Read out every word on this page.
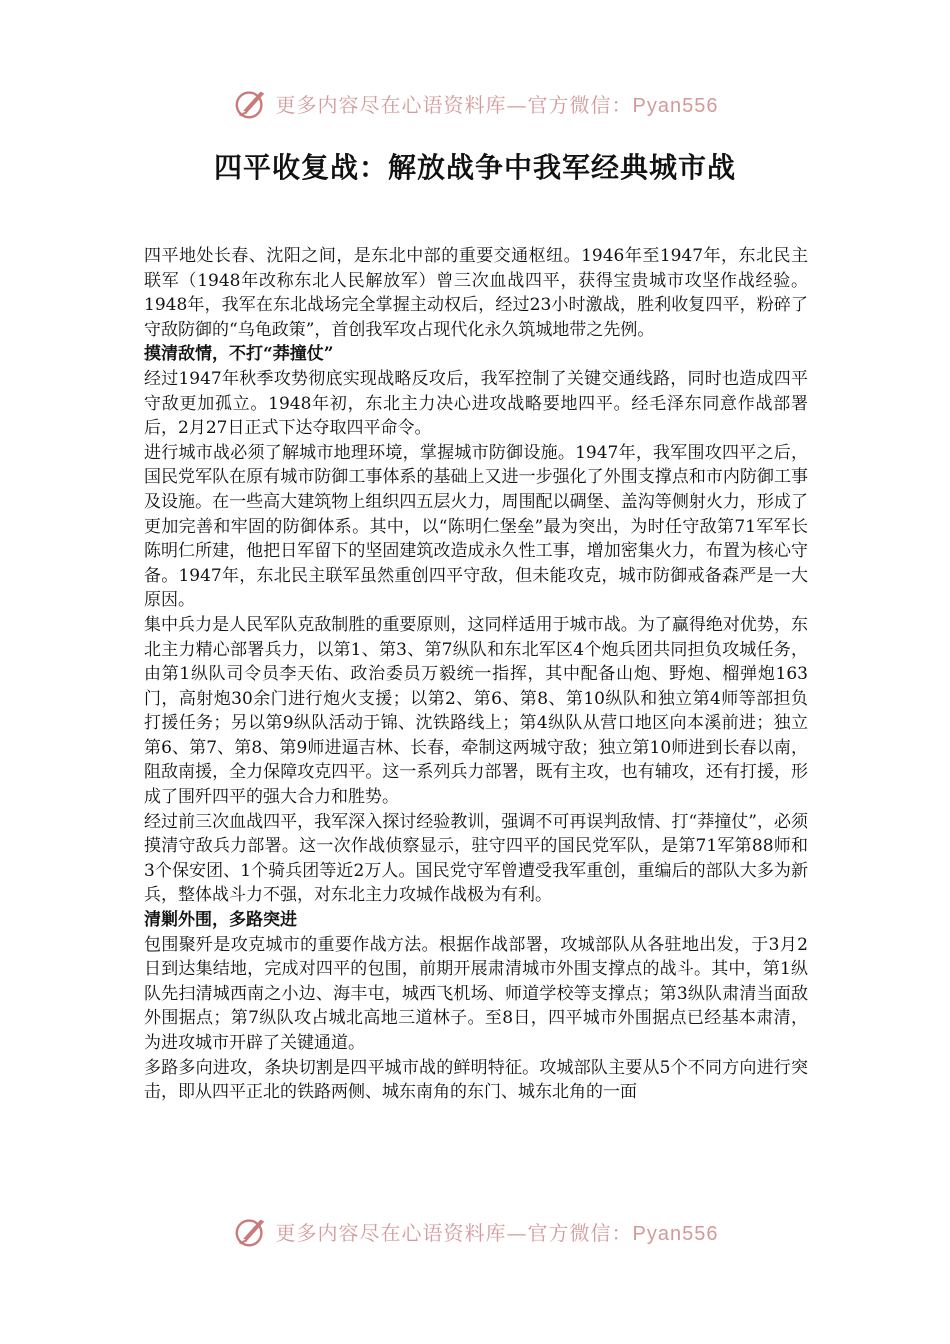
更多内容尽在心语资料库—官方微信：Pyan556
四平收复战：解放战争中我军经典城市战

四平地处长春、沈阳之间，是东北中部的重要交通枢纽。1946年至1947年，东北民主联军（1948年改称东北人民解放军）曾三次血战四平，获得宝贵城市攻坚作战经验。1948年，我军在东北战场完全掌握主动权后，经过23小时激战，胜利收复四平，粉碎了守敌防御的“乌龟政策”，首创我军攻占现代化永久筑城地带之先例。

摸清敌情，不打“莽撞仗”

经过1947年秋季攻势彻底实现战略反攻后，我军控制了关键交通线路，同时也造成四平守敌更加孤立。1948年初，东北主力决心进攻战略要地四平。经毛泽东同意作战部署后，2月27日正式下达夺取四平命令。

进行城市战必须了解城市地理环境，掌握城市防御设施。1947年，我军围攻四平之后，国民党军队在原有城市防御工事体系的基础上又进一步强化了外围支撑点和市内防御工事及设施。在一些高大建筑物上组织四五层火力，周围配以碉堡、盖沟等侧射火力，形成了更加完善和牢固的防御体系。其中，以“陈明仁堡垒”最为突出，为时任守敌第71军军长陈明仁所建，他把日军留下的坚固建筑改造成永久性工事，增加密集火力，布置为核心守备。1947年，东北民主联军虽然重创四平守敌，但未能攻克，城市防御戒备森严是一大原因。

集中兵力是人民军队克敌制胜的重要原则，这同样适用于城市战。为了赢得绝对优势，东北主力精心部署兵力，以第1、第3、第7纵队和东北军区4个炮兵团共同担负攻城任务，由第1纵队司令员李天佑、政治委员万毅统一指挥，其中配备山炮、野炮、榴弹炮163门，高射炮30余门进行炮火支援；以第2、第6、第8、第10纵队和独立第4师等部担负打援任务；另以第9纵队活动于锦、沈铁路线上；第4纵队从营口地区向本溪前进；独立第6、第7、第8、第9师进逼吉林、长春，牵制这两城守敌；独立第10师进到长春以南，阻敌南援，全力保障攻克四平。这一系列兵力部署，既有主攻，也有辅攻，还有打援，形成了围歼四平的强大合力和胜势。

经过前三次血战四平，我军深入探讨经验教训，强调不可再误判敌情、打“莽撞仗”，必须摸清守敌兵力部署。这一次作战侦察显示，驻守四平的国民党军队，是第71军第88师和3个保安团、1个骑兵团等近2万人。国民党守军曾遭受我军重创，重编后的部队大多为新兵，整体战斗力不强，对东北主力攻城作战极为有利。

清剿外围，多路突进

包围聚歼是攻克城市的重要作战方法。根据作战部署，攻城部队从各驻地出发，于3月2日到达集结地，完成对四平的包围，前期开展肃清城市外围支撑点的战斗。其中，第1纵队先扫清城西南之小边、海丰屯，城西飞机场、师道学校等支撑点；第3纵队肃清当面敌外围据点；第7纵队攻占城北高地三道林子。至8日，四平城市外围据点已经基本肃清，为进攻城市开辟了关键通道。

多路多向进攻，条块切割是四平城市战的鲜明特征。攻城部队主要从5个不同方向进行突击，即从四平正北的铁路两侧、城东南角的东门、城东北角的一面

更多内容尽在心语资料库—官方微信：Pyan556
